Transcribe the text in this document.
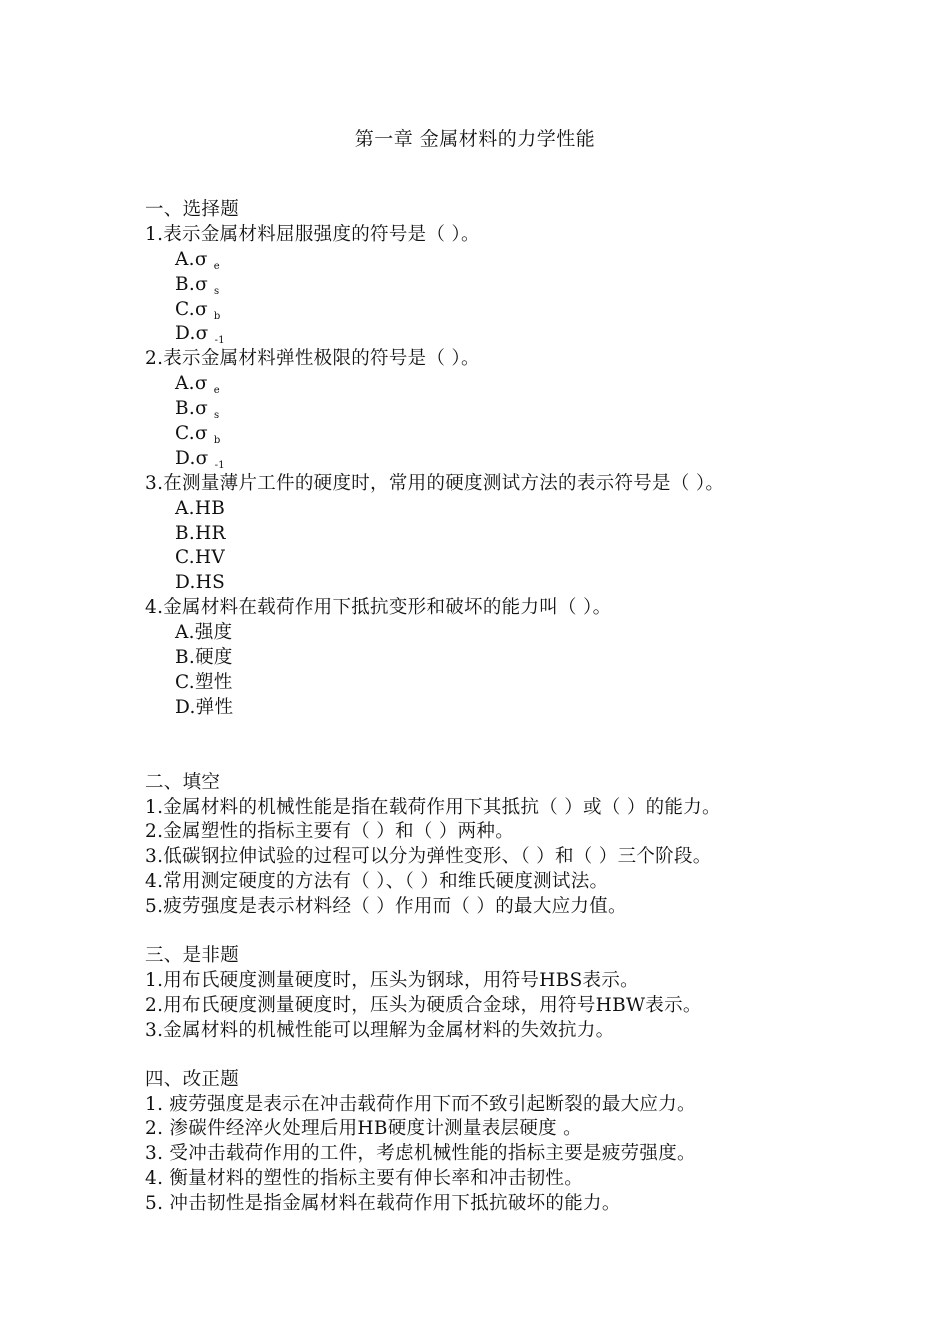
第一章 金属材料的力学性能
一、选择题
1.表示金属材料屈服强度的符号是（ ）。
A.σ $_e$
B.σ $_s$
C.σ $_b$
D.σ $_{-1}$
2.表示金属材料弹性极限的符号是（ ）。
A.σ $_e$
B.σ $_s$
C.σ $_b$
D.σ $_{-1}$
3.在测量薄片工件的硬度时，常用的硬度测试方法的表示符号是（ ）。
A.HB
B.HR
C.HV
D.HS
4.金属材料在载荷作用下抵抗变形和破坏的能力叫（ ）。
A.强度
B.硬度
C.塑性
D.弹性
二、填空
1.金属材料的机械性能是指在载荷作用下其抵抗（ ）或（ ）的能力。
2.金属塑性的指标主要有（ ）和（ ）两种。
3.低碳钢拉伸试验的过程可以分为弹性变形、（ ）和（ ）三个阶段。
4.常用测定硬度的方法有（ ）、（ ）和维氏硬度测试法。
5.疲劳强度是表示材料经（ ）作用而（ ）的最大应力值。
三、是非题
1.用布氏硬度测量硬度时，压头为钢球，用符号HBS表示。
2.用布氏硬度测量硬度时，压头为硬质合金球，用符号HBW表示。
3.金属材料的机械性能可以理解为金属材料的失效抗力。
四、改正题
1. 疲劳强度是表示在冲击载荷作用下而不致引起断裂的最大应力。
2. 渗碳件经淬火处理后用HB硬度计测量表层硬度 。
3. 受冲击载荷作用的工件，考虑机械性能的指标主要是疲劳强度。
4. 衡量材料的塑性的指标主要有伸长率和冲击韧性。
5. 冲击韧性是指金属材料在载荷作用下抵抗破坏的能力。
